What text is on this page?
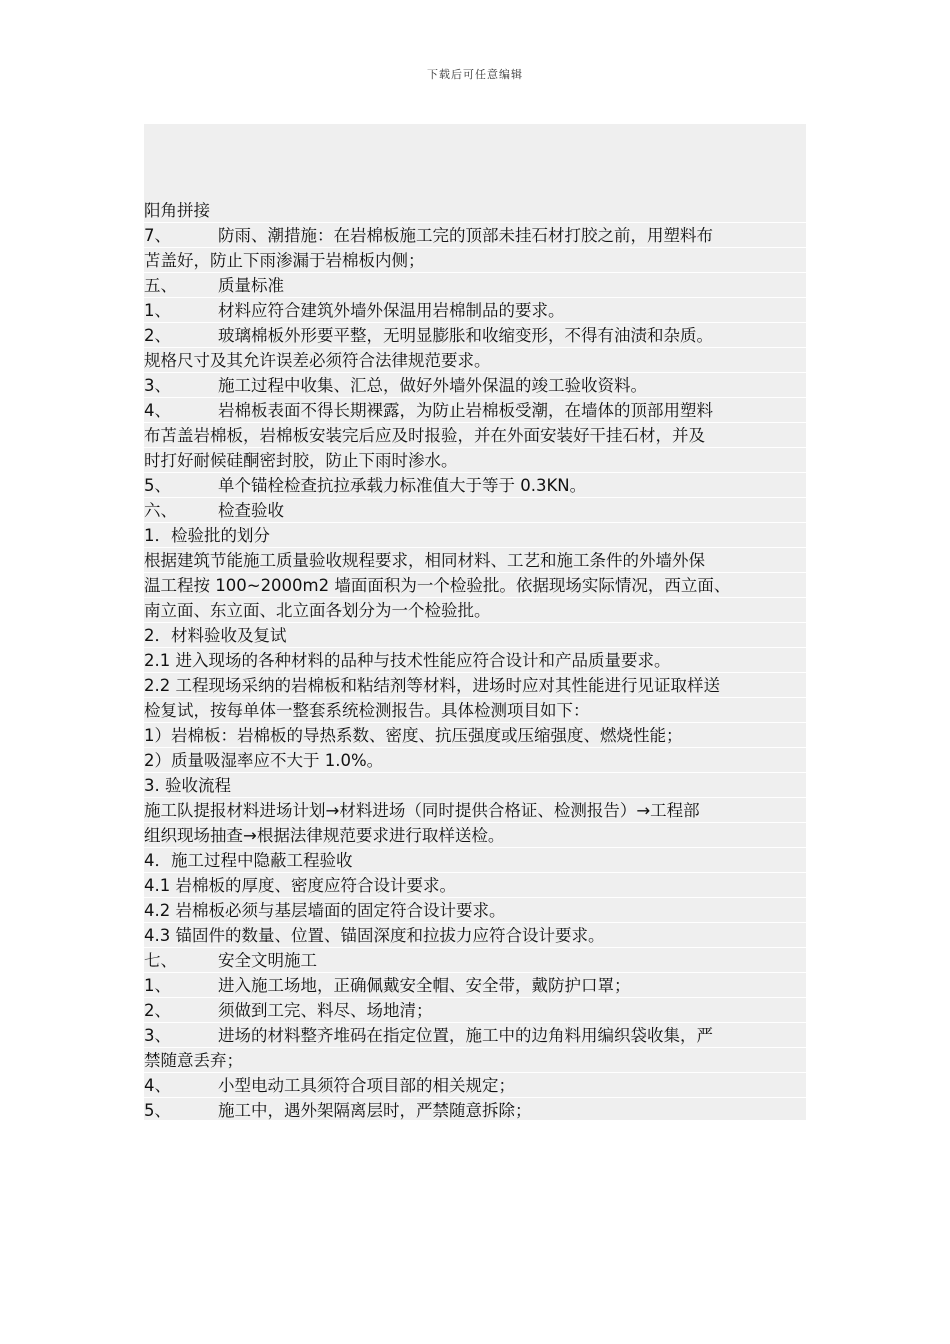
下载后可任意编辑
阳角拼接
7、	防雨、潮措施：在岩棉板施工完的顶部未挂石材打胶之前，用塑料布
苫盖好，防止下雨渗漏于岩棉板内侧；
五、 质量标准
1、	材料应符合建筑外墙外保温用岩棉制品的要求。
2、	玻璃棉板外形要平整，无明显膨胀和收缩变形，不得有油渍和杂质。
规格尺寸及其允许误差必须符合法律规范要求。
3、	施工过程中收集、汇总，做好外墙外保温的竣工验收资料。
4、	岩棉板表面不得长期裸露，为防止岩棉板受潮，在墙体的顶部用塑料
布苫盖岩棉板，岩棉板安装完后应及时报验，并在外面安装好干挂石材，并及
时打好耐候硅酮密封胶，防止下雨时渗水。
5、	单个锚栓检查抗拉承载力标准值大于等于 0.3KN。
六、 检查验收
1．检验批的划分
根据建筑节能施工质量验收规程要求，相同材料、工艺和施工条件的外墙外保
温工程按 100~2000m2 墙面面积为一个检验批。依据现场实际情况，西立面、
南立面、东立面、北立面各划分为一个检验批。
2．材料验收及复试
2.1 进入现场的各种材料的品种与技术性能应符合设计和产品质量要求。
2.2 工程现场采纳的岩棉板和粘结剂等材料，进场时应对其性能进行见证取样送
检复试，按每单体一整套系统检测报告。具体检测项目如下：
1）岩棉板：岩棉板的导热系数、密度、抗压强度或压缩强度、燃烧性能；
2）质量吸湿率应不大于 1.0%。
3. 验收流程
施工队提报材料进场计划→材料进场（同时提供合格证、检测报告）→工程部
组织现场抽查→根据法律规范要求进行取样送检。
4．施工过程中隐蔽工程验收
4.1 岩棉板的厚度、密度应符合设计要求。
4.2 岩棉板必须与基层墙面的固定符合设计要求。
4.3 锚固件的数量、位置、锚固深度和拉拔力应符合设计要求。
七、 安全文明施工
1、	进入施工场地，正确佩戴安全帽、安全带，戴防护口罩；
2、	须做到工完、料尽、场地清；
3、	进场的材料整齐堆码在指定位置，施工中的边角料用编织袋收集，严
禁随意丢弃；
4、	小型电动工具须符合项目部的相关规定；
5、	施工中，遇外架隔离层时，严禁随意拆除；
